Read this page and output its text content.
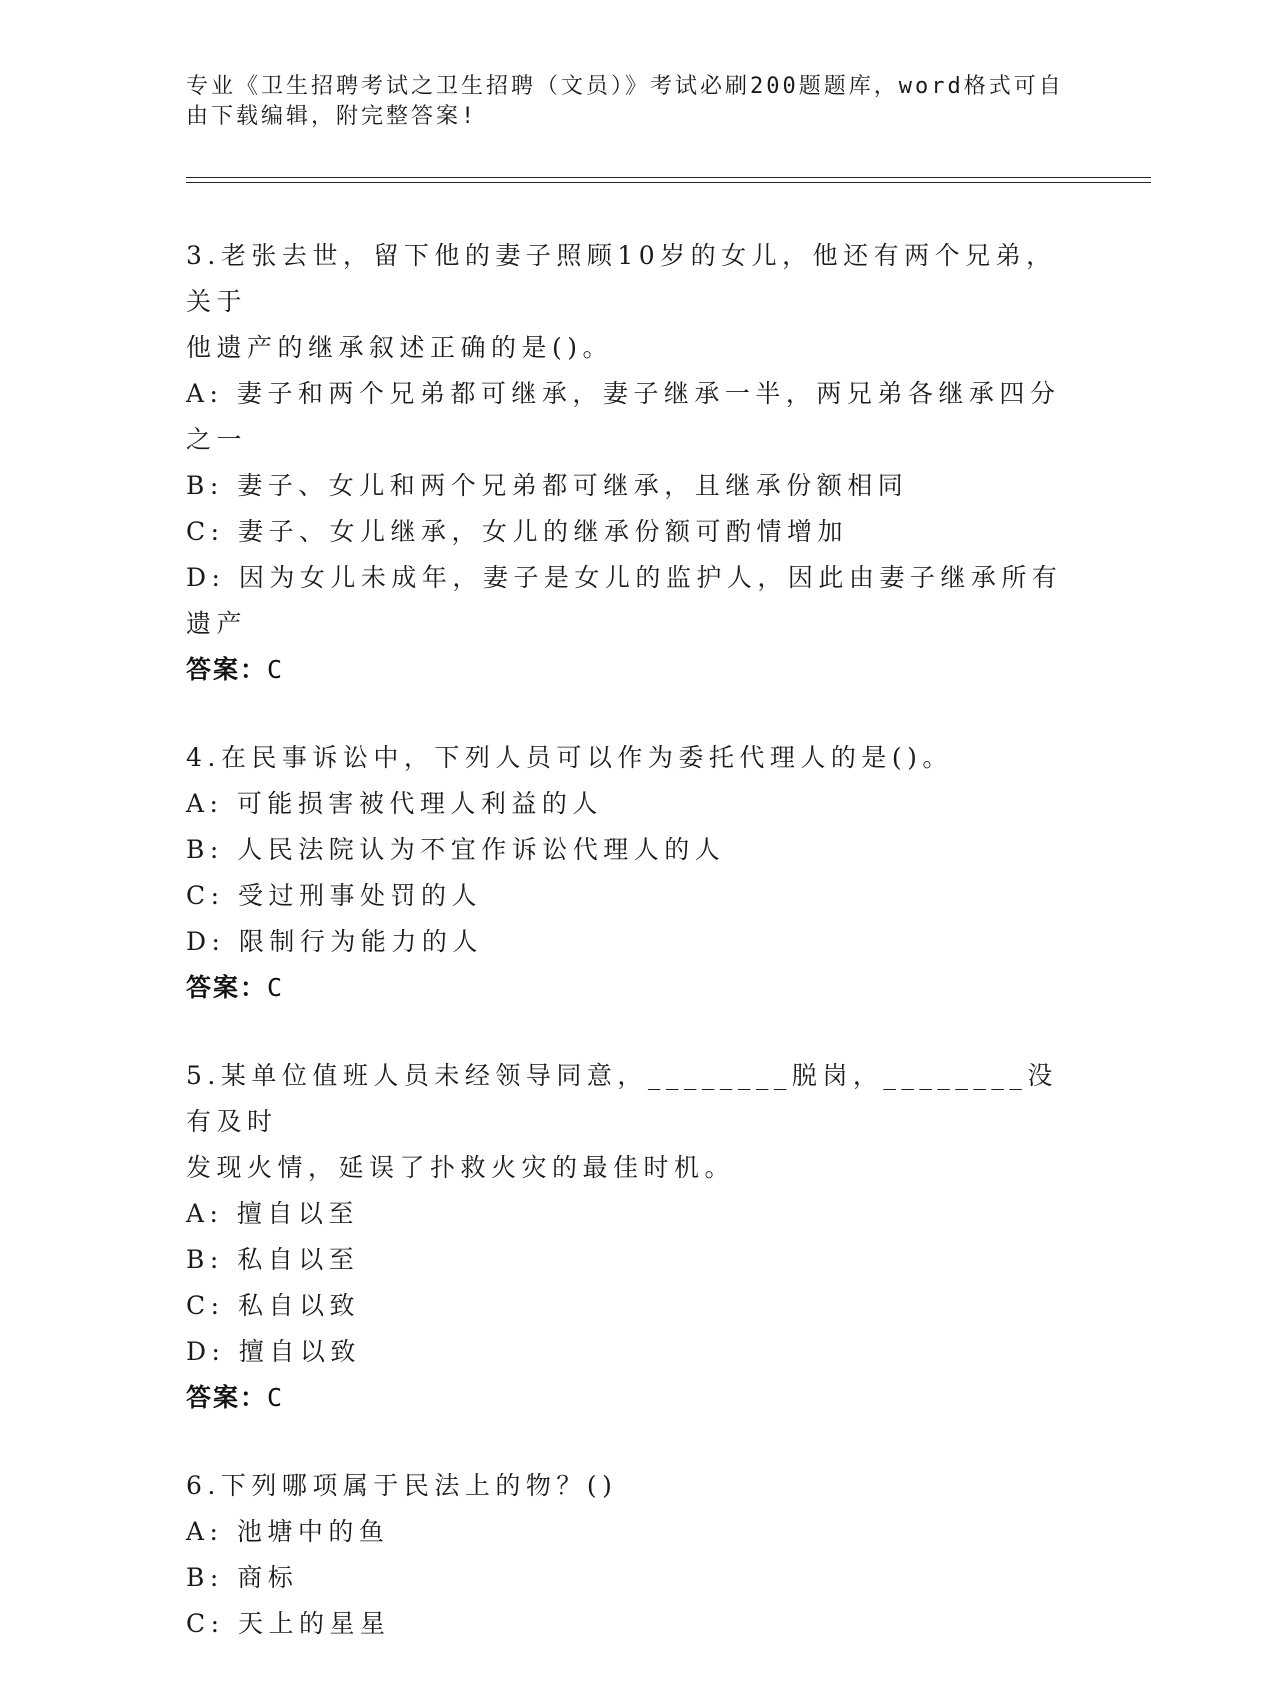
专业《卫生招聘考试之卫生招聘（文员）》考试必刷200题题库，word格式可自
由下载编辑，附完整答案!
3.老张去世，留下他的妻子照顾10岁的女儿，他还有两个兄弟，关于
他遗产的继承叙述正确的是()。
A: 妻子和两个兄弟都可继承，妻子继承一半，两兄弟各继承四分之一
B: 妻子、女儿和两个兄弟都可继承，且继承份额相同
C: 妻子、女儿继承，女儿的继承份额可酌情增加
D: 因为女儿未成年，妻子是女儿的监护人，因此由妻子继承所有遗产
答案：C
4.在民事诉讼中，下列人员可以作为委托代理人的是()。
A: 可能损害被代理人利益的人
B: 人民法院认为不宜作诉讼代理人的人
C: 受过刑事处罚的人
D: 限制行为能力的人
答案：C
5.某单位值班人员未经领导同意，________脱岗，________没有及时
发现火情，延误了扑救火灾的最佳时机。
A: 擅自以至
B: 私自以至
C: 私自以致
D: 擅自以致
答案：C
6.下列哪项属于民法上的物？()
A: 池塘中的鱼
B: 商标
C: 天上的星星
